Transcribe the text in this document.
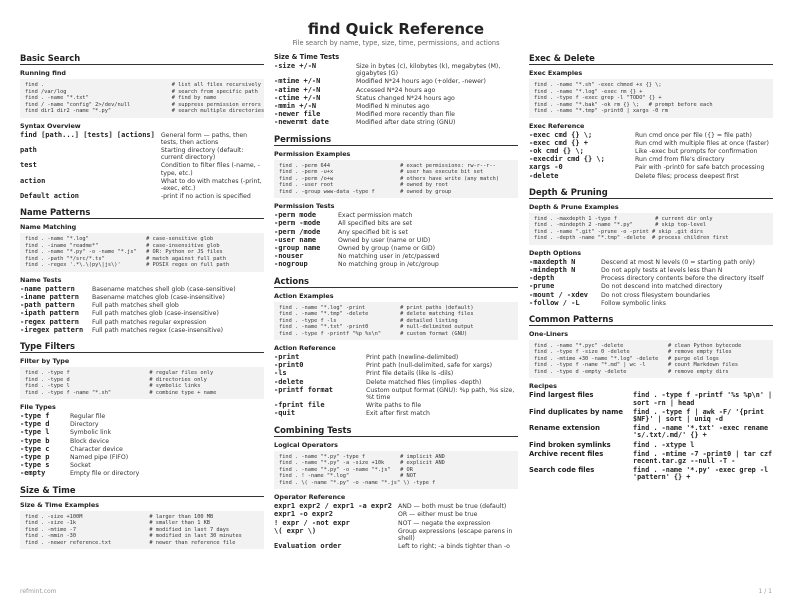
find Quick Reference
File search by name, type, size, time, permissions, and actions
Basic Search
Running find
find .                                        # list all files recursively
find /var/log                                 # search from specific path
find . -name "*.txt"                          # find by name
find / -name "config" 2>/dev/null             # suppress permission errors
find dir1 dir2 -name "*.py"                   # search multiple directories
Syntax Overview
find [path...] [tests] [actions]	General form — paths, then tests, then actions
path	Starting directory (default: current directory)
test	Condition to filter files (-name, -type, etc.)
action	What to do with matches (-print, -exec, etc.)
Default action	-print if no action is specified
Name Patterns
Name Matching
find . -name "*.log"                  # case-sensitive glob
find . -iname "readme*"               # case-insensitive glob
find . -name "*.py" -o -name "*.js"   # OR: Python or JS files
find . -path "*/src/*.ts"             # match against full path
find . -regex '.*\.\(py\|js\)'        # POSIX regex on full path
Name Tests
-name pattern	Basename matches shell glob (case-sensitive)
-iname pattern	Basename matches glob (case-insensitive)
-path pattern	Full path matches shell glob
-ipath pattern	Full path matches glob (case-insensitive)
-regex pattern	Full path matches regular expression
-iregex pattern	Full path matches regex (case-insensitive)
Type Filters
Filter by Type
find . -type f                         # regular files only
find . -type d                         # directories only
find . -type l                         # symbolic links
find . -type f -name "*.sh"            # combine type + name
File Types
-type f	Regular file
-type d	Directory
-type l	Symbolic link
-type b	Block device
-type c	Character device
-type p	Named pipe (FIFO)
-type s	Socket
-empty	Empty file or directory
Size & Time
Size & Time Examples
find . -size +100M                     # larger than 100 MB
find . -size -1k                       # smaller than 1 KB
find . -mtime -7                       # modified in last 7 days
find . -mmin -30                       # modified in last 30 minutes
find . -newer reference.txt            # newer than reference file
Size & Time Tests
-size +/-N	Size in bytes (c), kilobytes (k), megabytes (M), gigabytes (G)
-mtime +/-N	Modified N*24 hours ago (+older, -newer)
-atime +/-N	Accessed N*24 hours ago
-ctime +/-N	Status changed N*24 hours ago
-mmin +/-N	Modified N minutes ago
-newer file	Modified more recently than file
-newermt date	Modified after date string (GNU)
Permissions
Permission Examples
find . -perm 644                      # exact permissions: rw-r--r--
find . -perm -u+x                     # user has execute bit set
find . -perm /o+w                     # others have write (any match)
find . -user root                     # owned by root
find . -group www-data -type f        # owned by group
Permission Tests
-perm mode	Exact permission match
-perm -mode	All specified bits are set
-perm /mode	Any specified bit is set
-user name	Owned by user (name or UID)
-group name	Owned by group (name or GID)
-nouser	No matching user in /etc/passwd
-nogroup	No matching group in /etc/group
Actions
Action Examples
find . -name "*.log" -print           # print paths (default)
find . -name "*.tmp" -delete          # delete matching files
find . -type f -ls                    # detailed listing
find . -name "*.txt" -print0          # null-delimited output
find . -type f -printf "%p %s\n"      # custom format (GNU)
Action Reference
-print	Print path (newline-delimited)
-print0	Print path (null-delimited, safe for xargs)
-ls	Print file details (like ls -dils)
-delete	Delete matched files (implies -depth)
-printf format	Custom output format (GNU): %p path, %s size, %t time
-fprint file	Write paths to file
-quit	Exit after first match
Combining Tests
Logical Operators
find . -name "*.py" -type f           # implicit AND
find . -name "*.py" -a -size +10k     # explicit AND
find . -name "*.py" -o -name "*.js"   # OR
find . ! -name "*.log"                # NOT
find . \( -name "*.py" -o -name "*.js" \) -type f
Operator Reference
expr1 expr2 / expr1 -a expr2	AND — both must be true (default)
expr1 -o expr2	OR — either must be true
! expr / -not expr	NOT — negate the expression
\( expr \)	Group expressions (escape parens in shell)
Evaluation order	Left to right; -a binds tighter than -o
Exec & Delete
Exec Examples
find . -name "*.sh" -exec chmod +x {} \;
find . -name "*.log" -exec rm {} +
find . -type f -exec grep -l "TODO" {} +
find . -name "*.bak" -ok rm {} \;   # prompt before each
find . -name "*.tmp" -print0 | xargs -0 rm
Exec Reference
-exec cmd {} \;	Run cmd once per file ({} = file path)
-exec cmd {} +	Run cmd with multiple files at once (faster)
-ok cmd {} \;	Like -exec but prompts for confirmation
-execdir cmd {} \;	Run cmd from file's directory
xargs -0	Pair with -print0 for safe batch processing
-delete	Delete files; process deepest first
Depth & Pruning
Depth & Prune Examples
find . -maxdepth 1 -type f            # current dir only
find . -mindepth 2 -name "*.py"       # skip top-level
find . -name ".git" -prune -o -print # skip .git dirs
find . -depth -name "*.tmp" -delete  # process children first
Depth Options
-maxdepth N	Descend at most N levels (0 = starting path only)
-mindepth N	Do not apply tests at levels less than N
-depth	Process directory contents before the directory itself
-prune	Do not descend into matched directory
-mount / -xdev	Do not cross filesystem boundaries
-follow / -L	Follow symbolic links
Common Patterns
One-Liners
find . -name "*.pyc" -delete              # clean Python bytecode
find . -type f -size 0 -delete            # remove empty files
find . -mtime +30 -name "*.log" -delete   # purge old logs
find . -type f -name "*.md" | wc -l       # count Markdown files
find . -type d -empty -delete             # remove empty dirs
Recipes
Find largest files	find . -type f -printf '%s %p\n' | sort -rn | head
Find duplicates by name	find . -type f | awk -F/ '{print $NF}' | sort | uniq -d
Rename extension	find . -name '*.txt' -exec rename 's/.txt/.md/' {} +
Find broken symlinks	find . -xtype l
Archive recent files	find . -mtime -7 -print0 | tar czf recent.tar.gz --null -T -
Search code files	find . -name '*.py' -exec grep -l 'pattern' {} +
refmint.com	1 / 1
